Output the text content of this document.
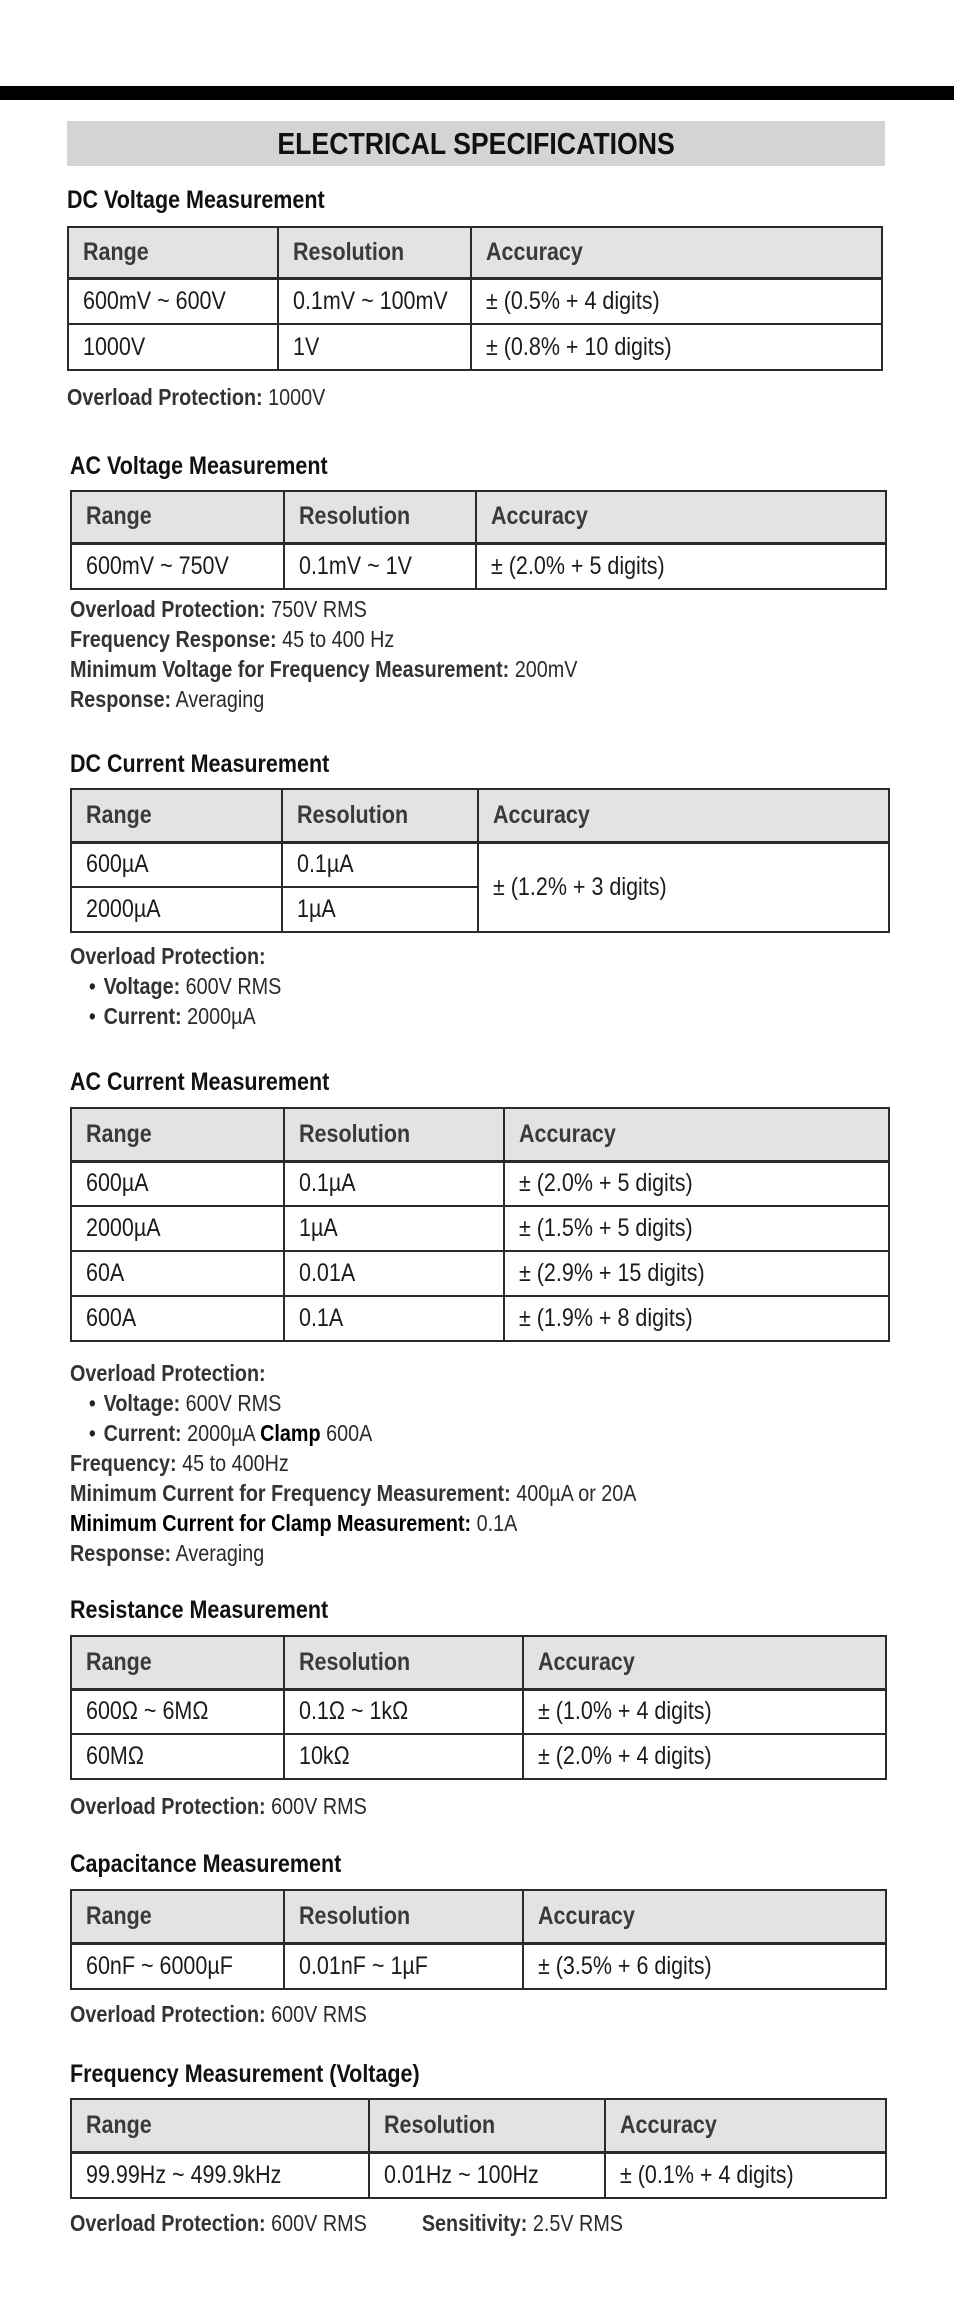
ELECTRICAL SPECIFICATIONS
DC Voltage Measurement
Range	Resolution	Accuracy
600mV ~ 600V	0.1mV ~ 100mV	± (0.5% + 4 digits)
1000V	1V	± (0.8% + 10 digits)
Overload Protection: 1000V
AC Voltage Measurement
Range	Resolution	Accuracy
600mV ~ 750V	0.1mV ~ 1V	± (2.0% + 5 digits)
Overload Protection: 750V RMS
Frequency Response: 45 to 400 Hz
Minimum Voltage for Frequency Measurement: 200mV
Response: Averaging
DC Current Measurement
Range	Resolution	Accuracy
600µA	0.1µA	± (1.2% + 3 digits)
2000µA	1µA	
Overload Protection:
• Voltage: 600V RMS
• Current: 2000µA
AC Current Measurement
Range	Resolution	Accuracy
600µA	0.1µA	± (2.0% + 5 digits)
2000µA	1µA	± (1.5% + 5 digits)
60A	0.01A	± (2.9% + 15 digits)
600A	0.1A	± (1.9% + 8 digits)
Overload Protection:
• Voltage: 600V RMS
• Current: 2000µA Clamp 600A
Frequency: 45 to 400Hz
Minimum Current for Frequency Measurement: 400µA or 20A
Minimum Current for Clamp Measurement: 0.1A
Response: Averaging
Resistance Measurement
Range	Resolution	Accuracy
600Ω ~ 6MΩ	0.1Ω ~ 1kΩ	± (1.0% + 4 digits)
60MΩ	10kΩ	± (2.0% + 4 digits)
Overload Protection: 600V RMS
Capacitance Measurement
Range	Resolution	Accuracy
60nF ~ 6000µF	0.01nF ~ 1µF	± (3.5% + 6 digits)
Overload Protection: 600V RMS
Frequency Measurement (Voltage)
Range	Resolution	Accuracy
99.99Hz ~ 499.9kHz	0.01Hz ~ 100Hz	± (0.1% + 4 digits)
Overload Protection: 600V RMS Sensitivity: 2.5V RMS
